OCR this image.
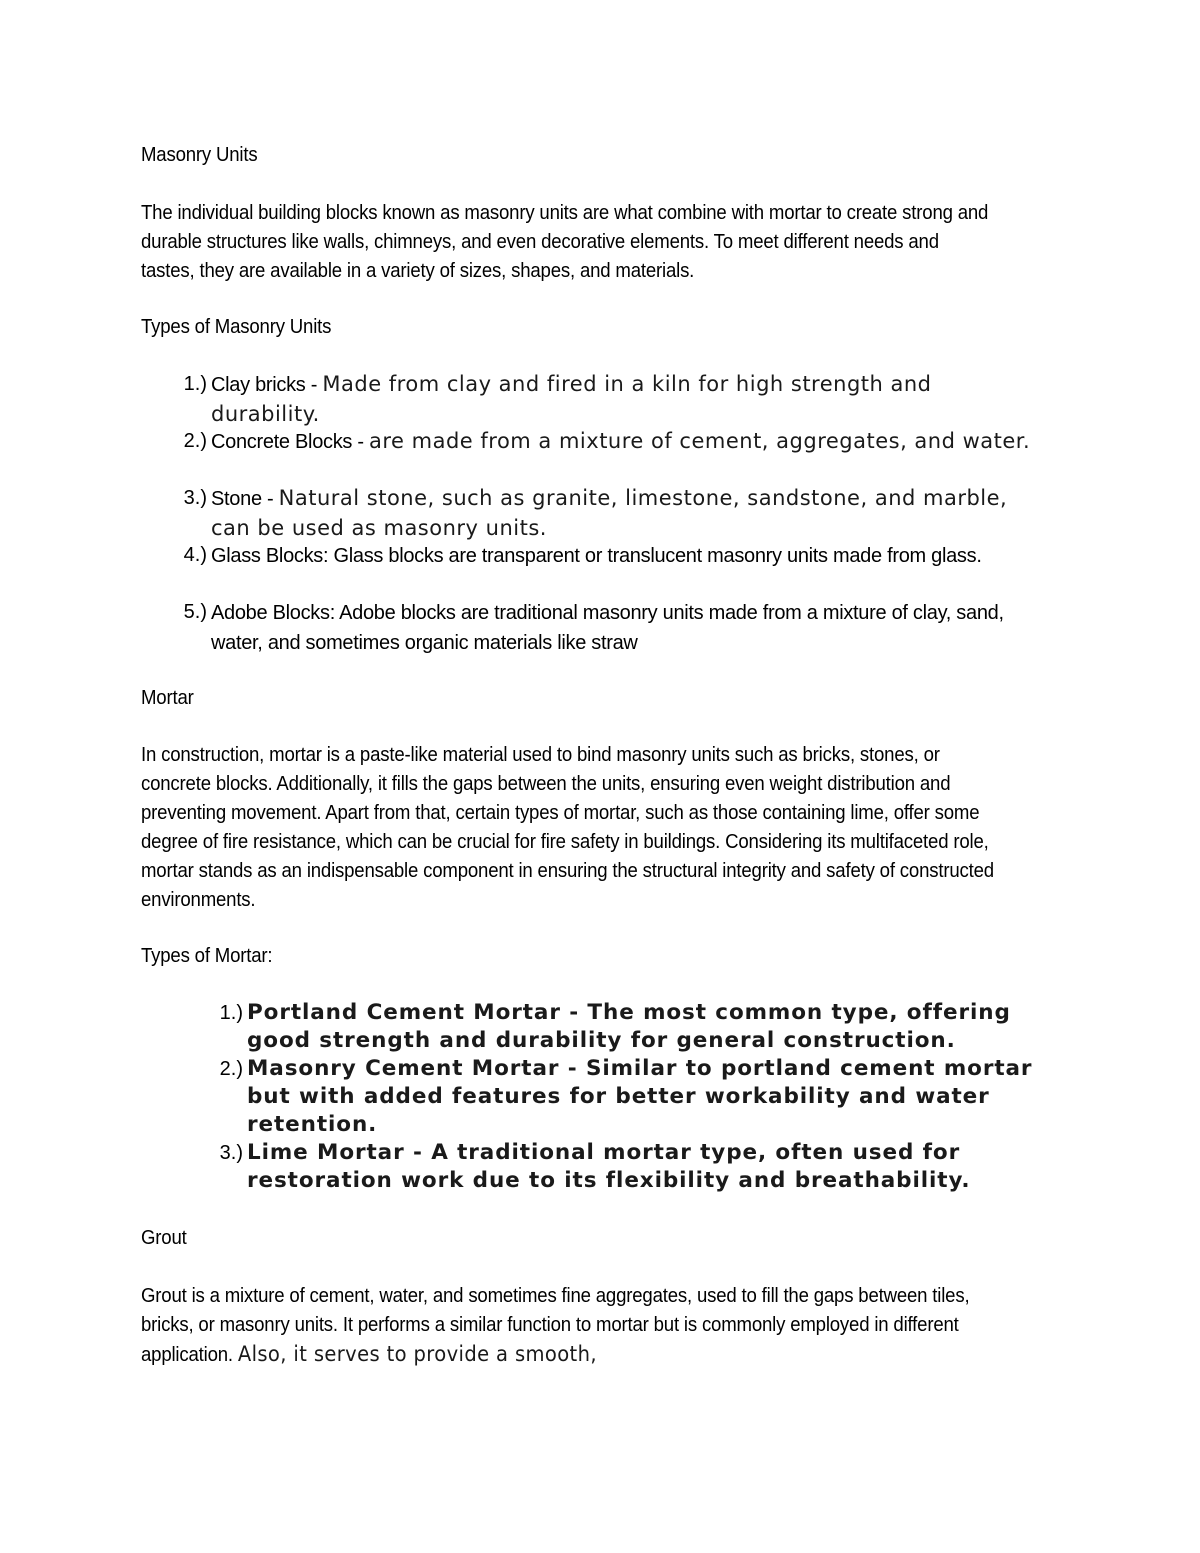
Masonry Units

The individual building blocks known as masonry units are what combine with mortar to create strong and durable structures like walls, chimneys, and even decorative elements. To meet different needs and tastes, they are available in a variety of sizes, shapes, and materials.

Types of Masonry Units

1.) Clay bricks - Made from clay and fired in a kiln for high strength and durability.
2.) Concrete Blocks - are made from a mixture of cement, aggregates, and water.
3.) Stone - Natural stone, such as granite, limestone, sandstone, and marble, can be used as masonry units.
4.) Glass Blocks: Glass blocks are transparent or translucent masonry units made from glass.
5.) Adobe Blocks: Adobe blocks are traditional masonry units made from a mixture of clay, sand, water, and sometimes organic materials like straw

Mortar

In construction, mortar is a paste-like material used to bind masonry units such as bricks, stones, or concrete blocks. Additionally, it fills the gaps between the units, ensuring even weight distribution and preventing movement. Apart from that, certain types of mortar, such as those containing lime, offer some degree of fire resistance, which can be crucial for fire safety in buildings. Considering its multifaceted role, mortar stands as an indispensable component in ensuring the structural integrity and safety of constructed environments.

Types of Mortar:

1.) Portland Cement Mortar - The most common type, offering good strength and durability for general construction.
2.) Masonry Cement Mortar - Similar to portland cement mortar but with added features for better workability and water retention.
3.) Lime Mortar - A traditional mortar type, often used for restoration work due to its flexibility and breathability.

Grout

Grout is a mixture of cement, water, and sometimes fine aggregates, used to fill the gaps between tiles, bricks, or masonry units. It performs a similar function to mortar but is commonly employed in different application. Also, it serves to provide a smooth,
